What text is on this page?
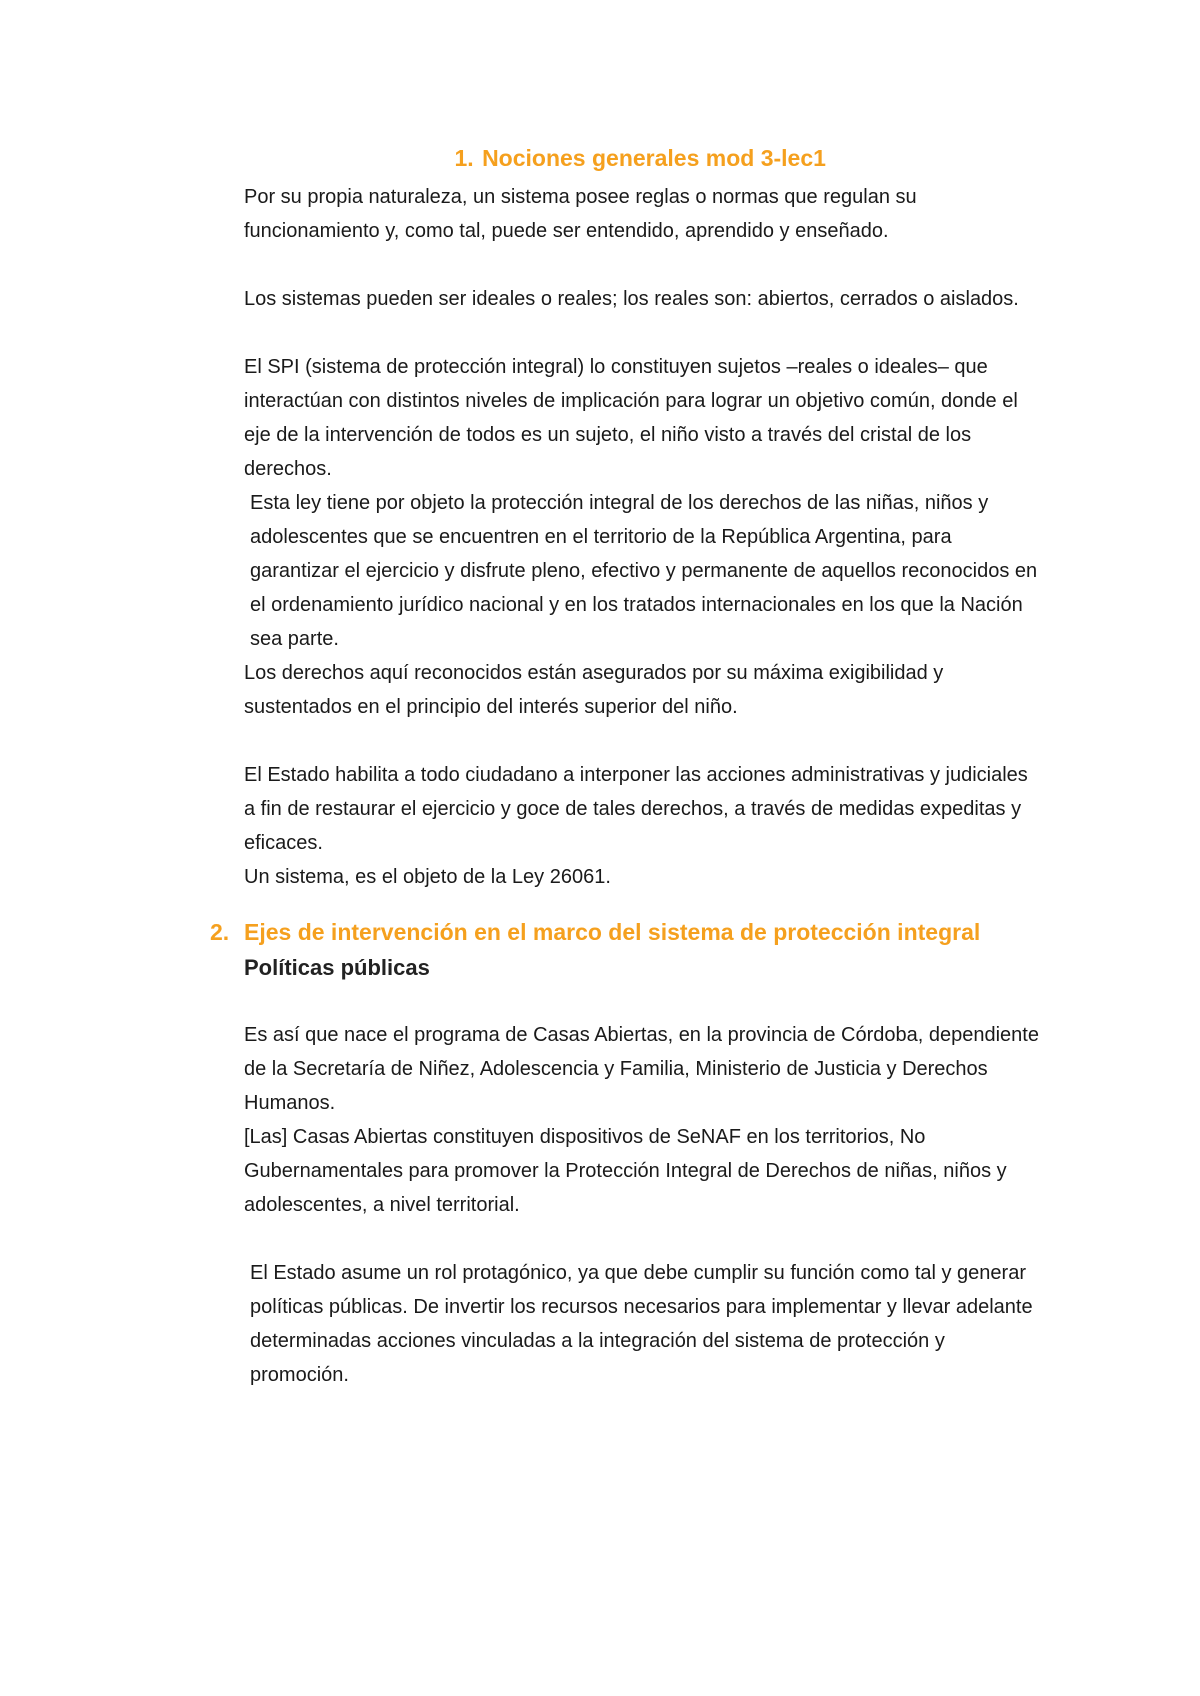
1. Nociones generales mod 3-lec1

Por su propia naturaleza, un sistema posee reglas o normas que regulan su funcionamiento y, como tal, puede ser entendido, aprendido y enseñado.

Los sistemas pueden ser ideales o reales; los reales son: abiertos, cerrados o aislados.

El SPI (sistema de protección integral) lo constituyen sujetos –reales o ideales– que interactúan con distintos niveles de implicación para lograr un objetivo común, donde el eje de la intervención de todos es un sujeto, el niño visto a través del cristal de los derechos.

Esta ley tiene por objeto la protección integral de los derechos de las niñas, niños y adolescentes que se encuentren en el territorio de la República Argentina, para garantizar el ejercicio y disfrute pleno, efectivo y permanente de aquellos reconocidos en el ordenamiento jurídico nacional y en los tratados internacionales en los que la Nación sea parte.

Los derechos aquí reconocidos están asegurados por su máxima exigibilidad y sustentados en el principio del interés superior del niño.

El Estado habilita a todo ciudadano a interponer las acciones administrativas y judiciales a fin de restaurar el ejercicio y goce de tales derechos, a través de medidas expeditas y eficaces.

Un sistema, es el objeto de la Ley 26061.

2. Ejes de intervención en el marco del sistema de protección integral
Políticas públicas

Es así que nace el programa de Casas Abiertas, en la provincia de Córdoba, dependiente de la Secretaría de Niñez, Adolescencia y Familia, Ministerio de Justicia y Derechos Humanos.

[Las] Casas Abiertas constituyen dispositivos de SeNAF en los territorios, No Gubernamentales para promover la Protección Integral de Derechos de niñas, niños y adolescentes, a nivel territorial.

El Estado asume un rol protagónico, ya que debe cumplir su función como tal y generar políticas públicas. De invertir los recursos necesarios para implementar y llevar adelante determinadas acciones vinculadas a la integración del sistema de protección y promoción.
